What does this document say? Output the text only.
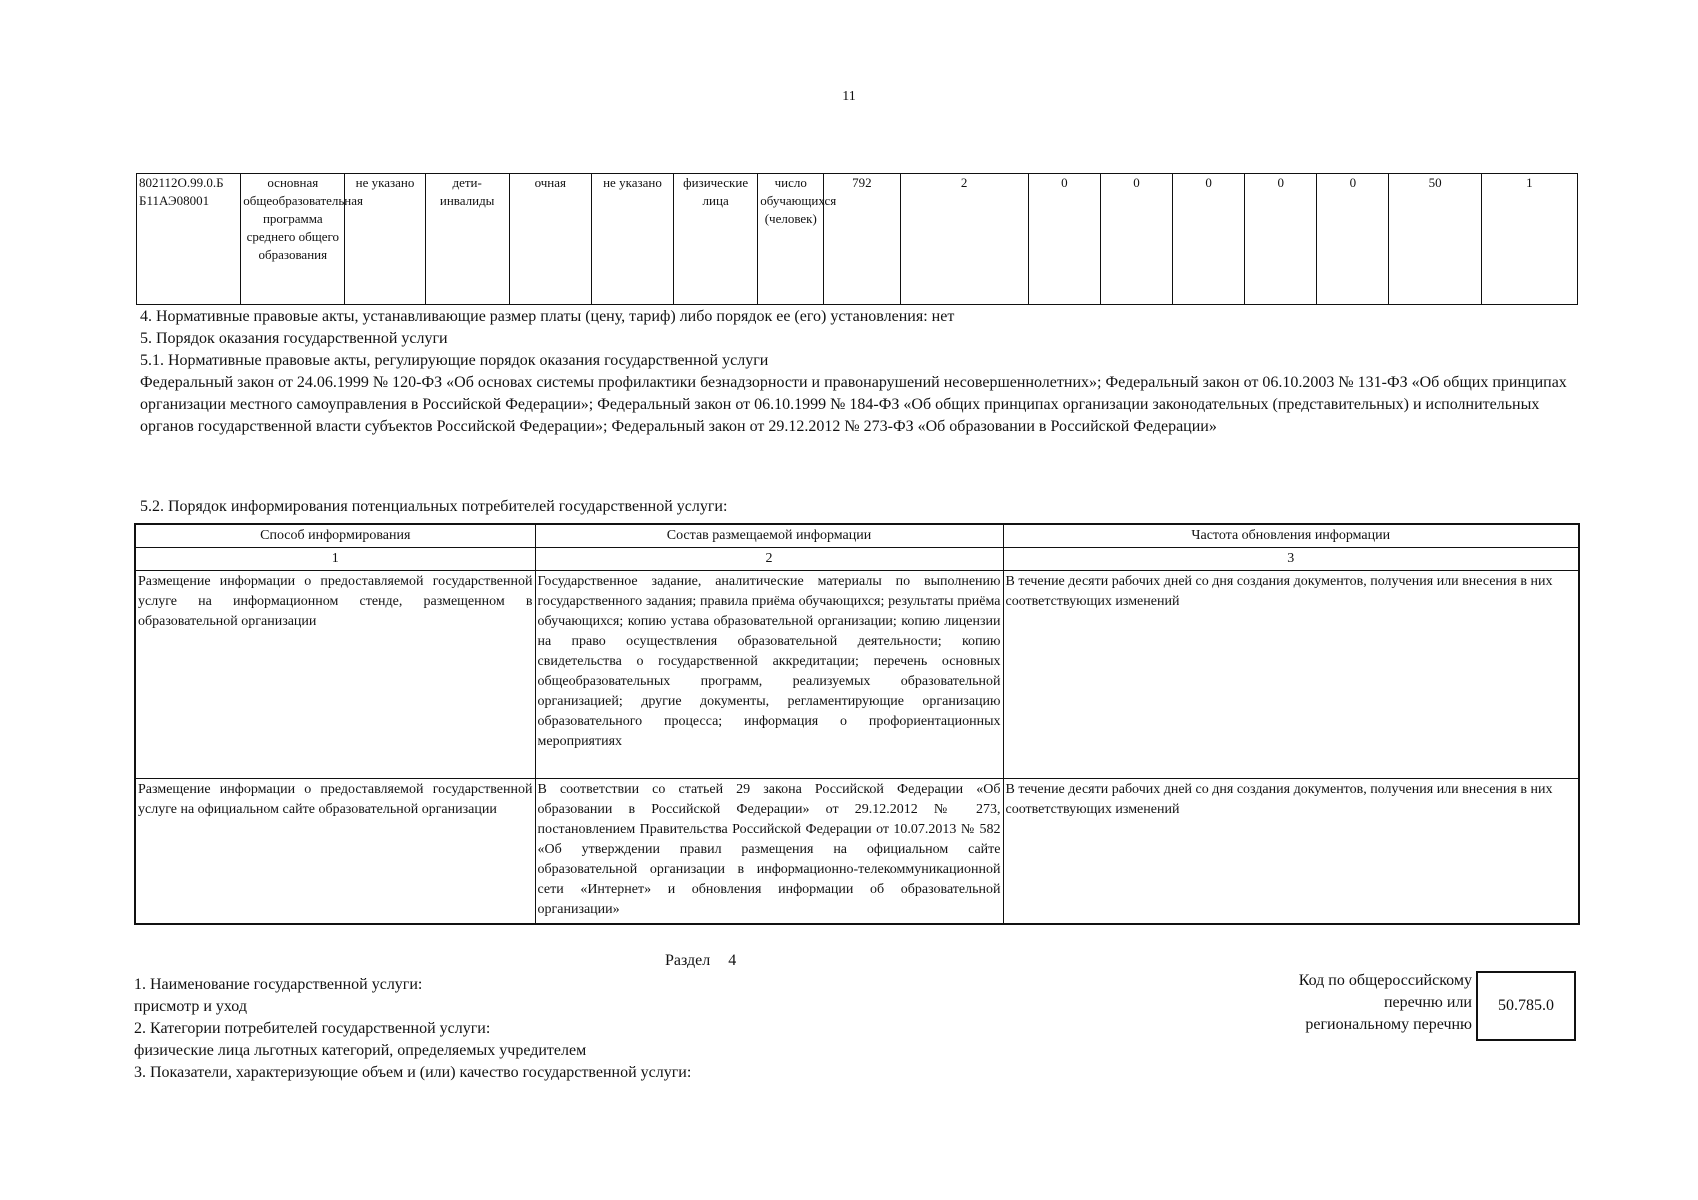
11
802112О.99.0.Б Б11АЭ08001	основная общеобразовательная программа среднего общего образования	не указано	дети-инвалиды	очная	не указано	физические лица	число обучающихся (человек)	792	2	0	0	0	0	0	50	1
4. Нормативные правовые акты, устанавливающие размер платы (цену, тариф) либо порядок ее (его) установления: нет
5. Порядок оказания государственной услуги
5.1. Нормативные правовые акты, регулирующие порядок оказания государственной услуги
Федеральный закон от 24.06.1999 № 120-ФЗ «Об основах системы профилактики безнадзорности и правонарушений несовершеннолетних»; Федеральный закон от 06.10.2003 № 131-ФЗ «Об общих принципах организации местного самоуправления в Российской Федерации»; Федеральный закон от 06.10.1999 № 184-ФЗ «Об общих принципах организации законодательных (представительных) и исполнительных органов государственной власти субъектов Российской Федерации»; Федеральный закон от 29.12.2012 № 273-ФЗ «Об образовании в Российской Федерации»
5.2. Порядок информирования потенциальных потребителей государственной услуги:
Способ информирования	Состав размещаемой информации	Частота обновления информации
1	2	3
Размещение информации о предоставляемой государственной услуге на информационном стенде, размещенном в образовательной организации	Государственное задание, аналитические материалы по выполнению государственного задания; правила приёма обучающихся; результаты приёма обучающихся; копию устава образовательной организации; копию лицензии на право осуществления образовательной деятельности; копию свидетельства о государственной аккредитации; перечень основных общеобразовательных программ, реализуемых образовательной организацией; другие документы, регламентирующие организацию образовательного процесса; информация о профориентационных мероприятиях	В течение десяти рабочих дней со дня создания документов, получения или внесения в них соответствующих изменений
Размещение информации о предоставляемой государственной услуге на официальном сайте образовательной организации	В соответствии со статьей 29 закона Российской Федерации «Об образовании в Российской Федерации» от 29.12.2012 № 273, постановлением Правительства Российской Федерации от 10.07.2013 № 582 «Об утверждении правил размещения на официальном сайте образовательной организации в информационно-телекоммуникационной сети «Интернет» и обновления информации об образовательной организации»	В течение десяти рабочих дней со дня создания документов, получения или внесения в них соответствующих изменений
Раздел 4
1. Наименование государственной услуги:
присмотр и уход
2. Категории потребителей государственной услуги:
физические лица льготных категорий, определяемых учредителем
3. Показатели, характеризующие объем и (или) качество государственной услуги:
Код по общероссийскому
перечню или
региональному перечню
50.785.0
